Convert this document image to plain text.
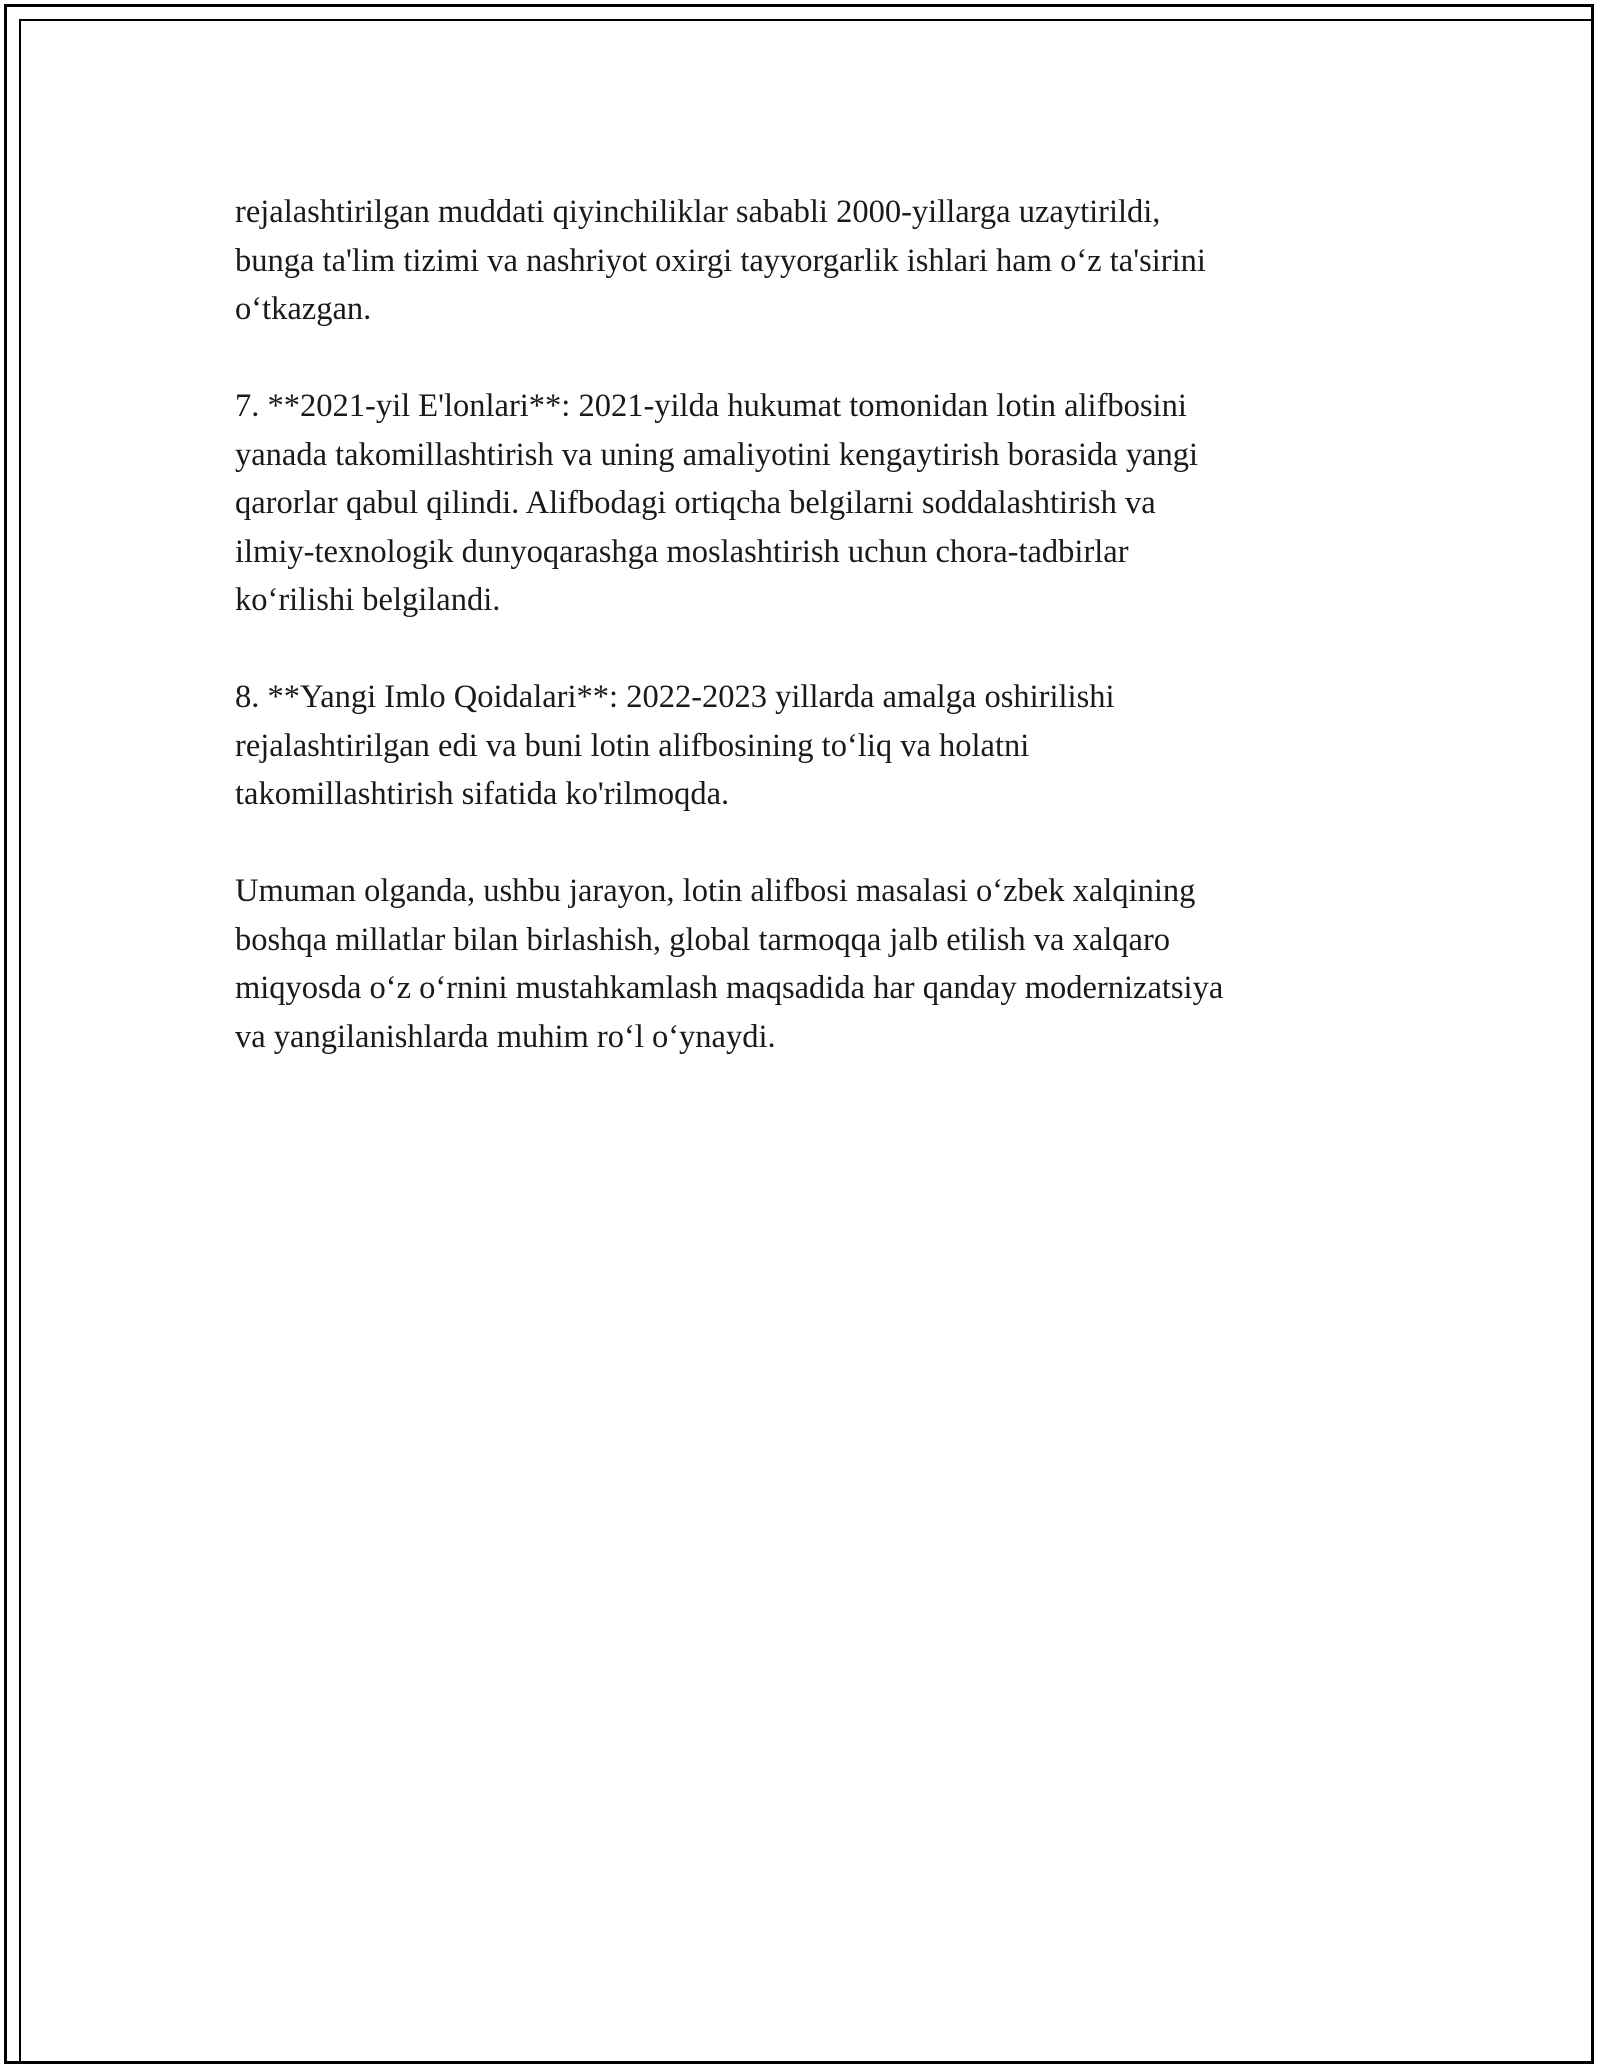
rejalashtirilgan muddati qiyinchiliklar sababli 2000-yillarga uzaytirildi,
bunga ta'lim tizimi va nashriyot oxirgi tayyorgarlik ishlari ham o‘z ta'sirini
o‘tkazgan.

7. **2021-yil E'lonlari**: 2021-yilda hukumat tomonidan lotin alifbosini
yanada takomillashtirish va uning amaliyotini kengaytirish borasida yangi
qarorlar qabul qilindi. Alifbodagi ortiqcha belgilarni soddalashtirish va
ilmiy-texnologik dunyoqarashga moslashtirish uchun chora-tadbirlar
ko‘rilishi belgilandi.

8. **Yangi Imlo Qoidalari**: 2022-2023 yillarda amalga oshirilishi
rejalashtirilgan edi va buni lotin alifbosining to‘liq va holatni
takomillashtirish sifatida ko'rilmoqda.

Umuman olganda, ushbu jarayon, lotin alifbosi masalasi o‘zbek xalqining
boshqa millatlar bilan birlashish, global tarmoqqa jalb etilish va xalqaro
miqyosda o‘z o‘rnini mustahkamlash maqsadida har qanday modernizatsiya
va yangilanishlarda muhim ro‘l o‘ynaydi.
